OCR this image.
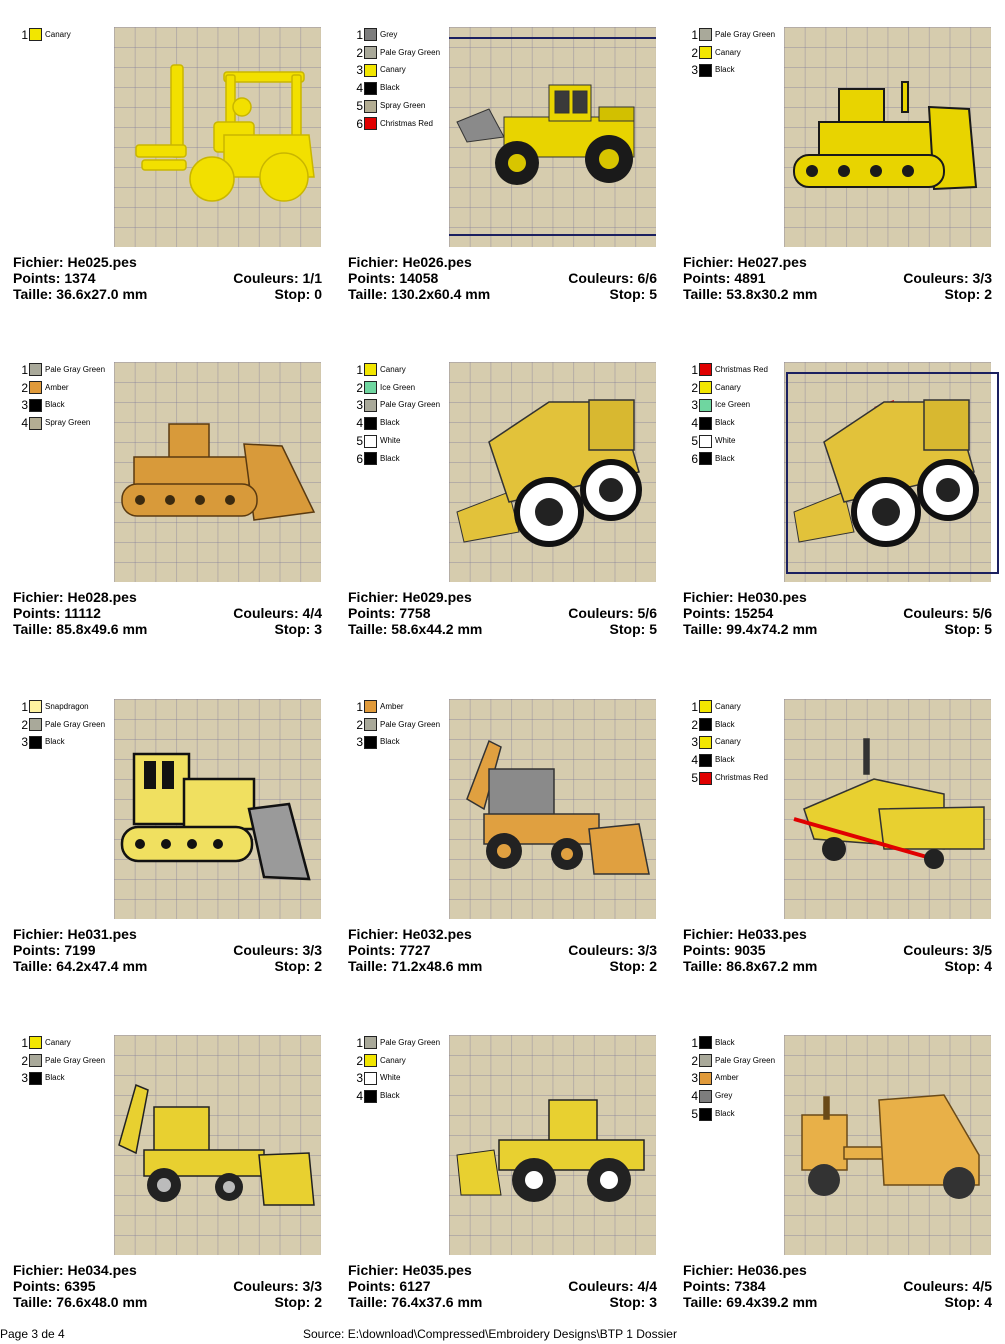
1 Canary
Fichier: He025.pes
Points: 1374	Couleurs: 1/1
Taille: 36.6x27.0 mm	Stop: 0
1 Grey
2 Pale Gray Green
3 Canary
4 Black
5 Spray Green
6 Christmas Red
Fichier: He026.pes
Points: 14058	Couleurs: 6/6
Taille: 130.2x60.4 mm	Stop: 5
1 Pale Gray Green
2 Canary
3 Black
Fichier: He027.pes
Points: 4891	Couleurs: 3/3
Taille: 53.8x30.2 mm	Stop: 2
1 Pale Gray Green
2 Amber
3 Black
4 Spray Green
Fichier: He028.pes
Points: 11112	Couleurs: 4/4
Taille: 85.8x49.6 mm	Stop: 3
1 Canary
2 Ice Green
3 Pale Gray Green
4 Black
5 White
6 Black
Fichier: He029.pes
Points: 7758	Couleurs: 5/6
Taille: 58.6x44.2 mm	Stop: 5
1 Christmas Red
2 Canary
3 Ice Green
4 Black
5 White
6 Black
Fichier: He030.pes
Points: 15254	Couleurs: 5/6
Taille: 99.4x74.2 mm	Stop: 5
1 Snapdragon
2 Pale Gray Green
3 Black
Fichier: He031.pes
Points: 7199	Couleurs: 3/3
Taille: 64.2x47.4 mm	Stop: 2
1 Amber
2 Pale Gray Green
3 Black
Fichier: He032.pes
Points: 7727	Couleurs: 3/3
Taille: 71.2x48.6 mm	Stop: 2
1 Canary
2 Black
3 Canary
4 Black
5 Christmas Red
Fichier: He033.pes
Points: 9035	Couleurs: 3/5
Taille: 86.8x67.2 mm	Stop: 4
1 Canary
2 Pale Gray Green
3 Black
Fichier: He034.pes
Points: 6395	Couleurs: 3/3
Taille: 76.6x48.0 mm	Stop: 2
1 Pale Gray Green
2 Canary
3 White
4 Black
Fichier: He035.pes
Points: 6127	Couleurs: 4/4
Taille: 76.4x37.6 mm	Stop: 3
1 Black
2 Pale Gray Green
3 Amber
4 Grey
5 Black
Fichier: He036.pes
Points: 7384	Couleurs: 4/5
Taille: 69.4x39.2 mm	Stop: 4
Page 3 de 4	Source: E:\download\Compressed\Embroidery Designs\BTP 1 Dossier
